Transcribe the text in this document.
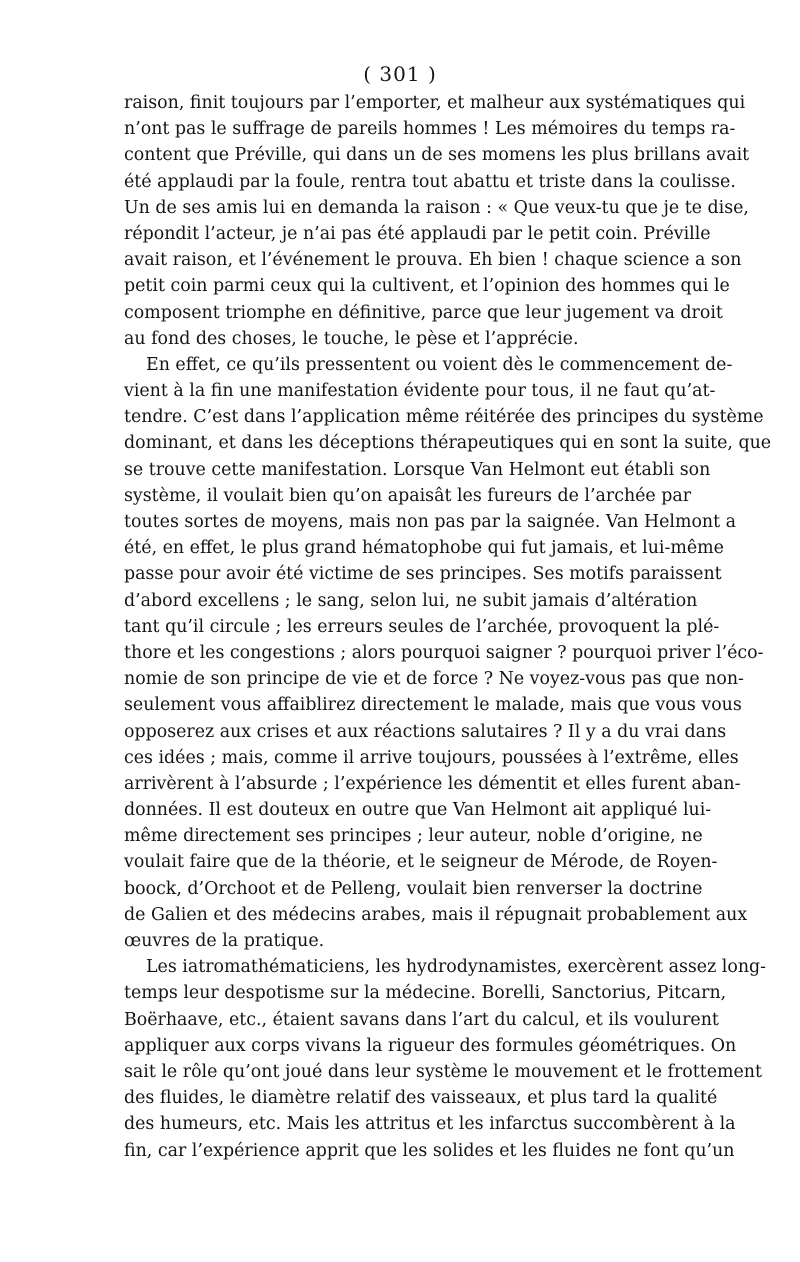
( 301 )
raison, finit toujours par l’emporter, et malheur aux systématiques qui
n’ont pas le suffrage de pareils hommes ! Les mémoires du temps ra-
content que Préville, qui dans un de ses momens les plus brillans avait
été applaudi par la foule, rentra tout abattu et triste dans la coulisse.
Un de ses amis lui en demanda la raison : « Que veux-tu que je te dise,
répondit l’acteur, je n’ai pas été applaudi par le petit coin. Préville
avait raison, et l’événement le prouva. Eh bien ! chaque science a son
petit coin parmi ceux qui la cultivent, et l’opinion des hommes qui le
composent triomphe en définitive, parce que leur jugement va droit
au fond des choses, le touche, le pèse et l’apprécie.
En effet, ce qu’ils pressentent ou voient dès le commencement de-
vient à la fin une manifestation évidente pour tous, il ne faut qu’at-
tendre. C’est dans l’application même réitérée des principes du système
dominant, et dans les déceptions thérapeutiques qui en sont la suite, que
se trouve cette manifestation. Lorsque Van Helmont eut établi son
système, il voulait bien qu’on apaisât les fureurs de l’archée par
toutes sortes de moyens, mais non pas par la saignée. Van Helmont a
été, en effet, le plus grand hématophobe qui fut jamais, et lui-même
passe pour avoir été victime de ses principes. Ses motifs paraissent
d’abord excellens ; le sang, selon lui, ne subit jamais d’altération
tant qu’il circule ; les erreurs seules de l’archée, provoquent la plé-
thore et les congestions ; alors pourquoi saigner ? pourquoi priver l’éco-
nomie de son principe de vie et de force ? Ne voyez-vous pas que non-
seulement vous affaiblirez directement le malade, mais que vous vous
opposerez aux crises et aux réactions salutaires ? Il y a du vrai dans
ces idées ; mais, comme il arrive toujours, poussées à l’extrême, elles
arrivèrent à l’absurde ; l’expérience les démentit et elles furent aban-
données. Il est douteux en outre que Van Helmont ait appliqué lui-
même directement ses principes ; leur auteur, noble d’origine, ne
voulait faire que de la théorie, et le seigneur de Mérode, de Royen-
boock, d’Orchoot et de Pelleng, voulait bien renverser la doctrine
de Galien et des médecins arabes, mais il répugnait probablement aux
œuvres de la pratique.
Les iatromathématiciens, les hydrodynamistes, exercèrent assez long-
temps leur despotisme sur la médecine. Borelli, Sanctorius, Pitcarn,
Boërhaave, etc., étaient savans dans l’art du calcul, et ils voulurent
appliquer aux corps vivans la rigueur des formules géométriques. On
sait le rôle qu’ont joué dans leur système le mouvement et le frottement
des fluides, le diamètre relatif des vaisseaux, et plus tard la qualité
des humeurs, etc. Mais les attritus et les infarctus succombèrent à la
fin, car l’expérience apprit que les solides et les fluides ne font qu’un
